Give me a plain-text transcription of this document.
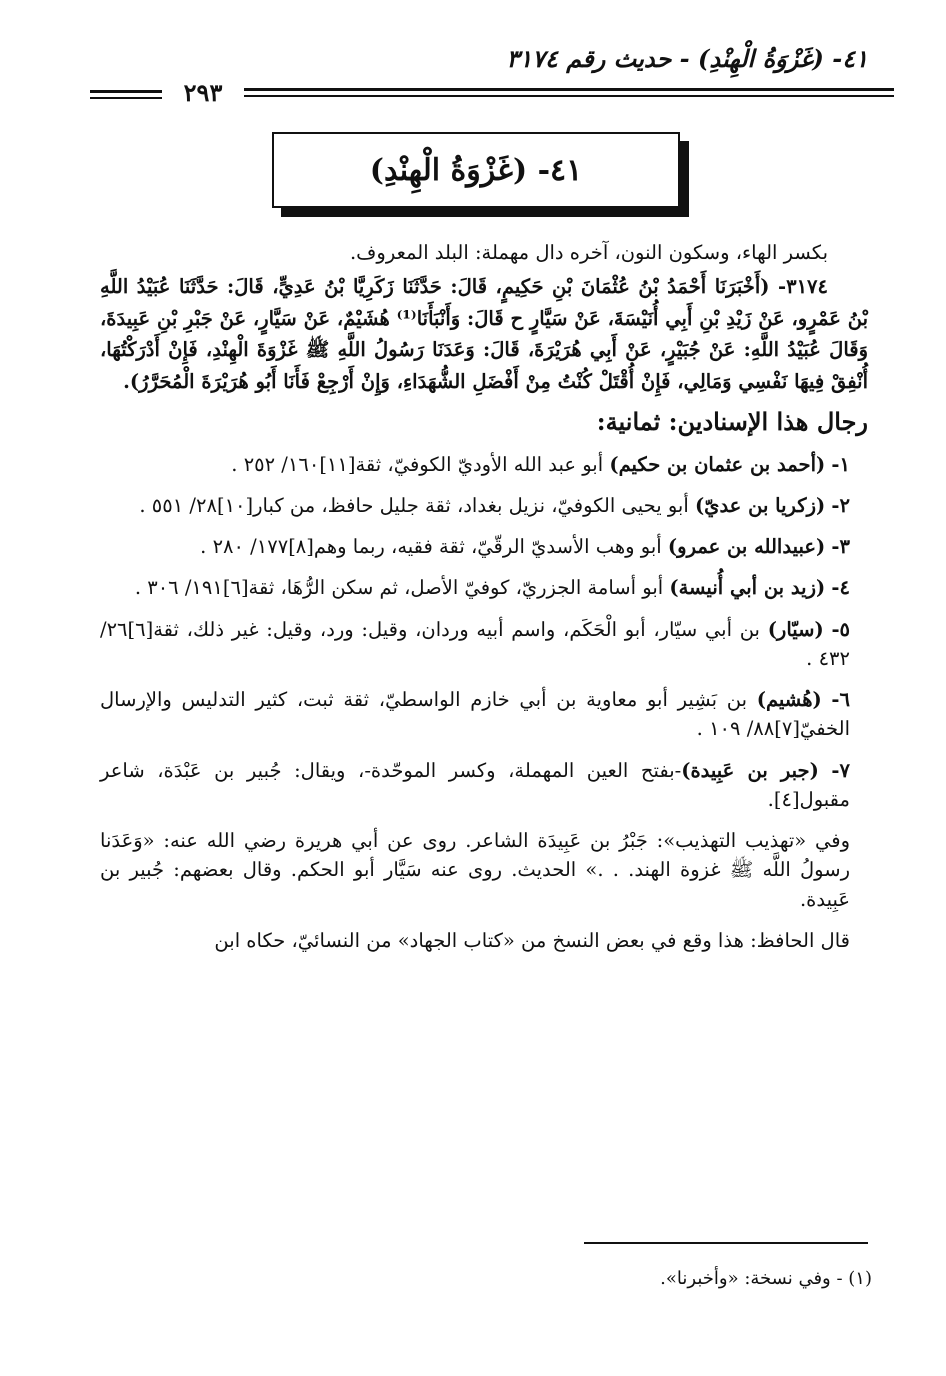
٤١- (غَزْوَةُ الْهِنْدِ) - حديث رقم ٣١٧٤
٢٩٣
٤١- (غَزْوَةُ الْهِنْدِ)

بكسر الهاء، وسكون النون، آخره دال مهملة: البلد المعروف.

٣١٧٤- (أَخْبَرَنَا أَحْمَدُ بْنُ عُثْمَانَ بْنِ حَكِيمٍ، قَالَ: حَدَّثَنَا زَكَرِيَّا بْنُ عَدِيٍّ، قَالَ: حَدَّثَنَا عُبَيْدُ اللَّهِ بْنُ عَمْرٍو، عَنْ زَيْدِ بْنِ أَبِي أُنَيْسَةَ، عَنْ سَيَّارٍ ح قَالَ: وَأَنْبَأَنَا⁽¹⁾ هُشَيْمٌ، عَنْ سَيَّارٍ، عَنْ جَبْرِ بْنِ عَبِيدَةَ، وَقَالَ عُبَيْدُ اللَّهِ: عَنْ جُبَيْرٍ، عَنْ أَبِي هُرَيْرَةَ، قَالَ: وَعَدَنَا رَسُولُ اللَّهِ ﷺ غَزْوَةَ الْهِنْدِ، فَإِنْ أَدْرَكْتُهَا، أُنْفِقْ فِيهَا نَفْسِي وَمَالِي، فَإِنْ أُقْتَلْ كُنْتُ مِنْ أَفْضَلِ الشُّهَدَاءِ، وَإِنْ أَرْجِعْ فَأَنَا أَبُو هُرَيْرَةَ الْمُحَرَّرُ).

رجال هذا الإسنادين: ثمانية:

١- (أحمد بن عثمان بن حكيم) أبو عبد الله الأوديّ الكوفيّ، ثقة[١١]١٦٠/ ٢٥٢ .

٢- (زكريا بن عديّ) أبو يحيى الكوفيّ، نزيل بغداد، ثقة جليل حافظ، من كبار[١٠]٢٨/ ٥٥١ .

٣- (عبيدالله بن عمرو) أبو وهب الأسديّ الرقّيّ، ثقة فقيه، ربما وهم[٨]١٧٧/ ٢٨٠ .

٤- (زيد بن أبي أُنيسة) أبو أسامة الجزريّ، كوفيّ الأصل، ثم سكن الرُّهَا، ثقة[٦]١٩١/ ٣٠٦ .

٥- (سيّار) بن أبي سيّار، أبو الْحَكَم، واسم أبيه وردان، وقيل: ورد، وقيل: غير ذلك، ثقة[٦]٢٦/ ٤٣٢ .

٦- (هُشيم) بن بَشِير أبو معاوية بن أبي خازم الواسطيّ، ثقة ثبت، كثير التدليس والإرسال الخفيّ[٧]٨٨/ ١٠٩ .

٧- (جبر بن عَبِيدة)-بفتح العين المهملة، وكسر الموحّدة-، ويقال: جُبير بن عَبْدَة، شاعر مقبول[٤].

وفي «تهذيب التهذيب»: جَبْرُ بن عَبِيدَة الشاعر. روى عن أبي هريرة رضي الله عنه: «وَعَدَنا رسولُ اللَّه ﷺ غزوة الهند. . .» الحديث. روى عنه سَيَّار أبو الحكم. وقال بعضهم: جُبير بن عَبِيدة.

قال الحافظ: هذا وقع في بعض النسخ من «كتاب الجهاد» من النسائيّ، حكاه ابن

(١) - وفي نسخة: «وأخبرنا».
